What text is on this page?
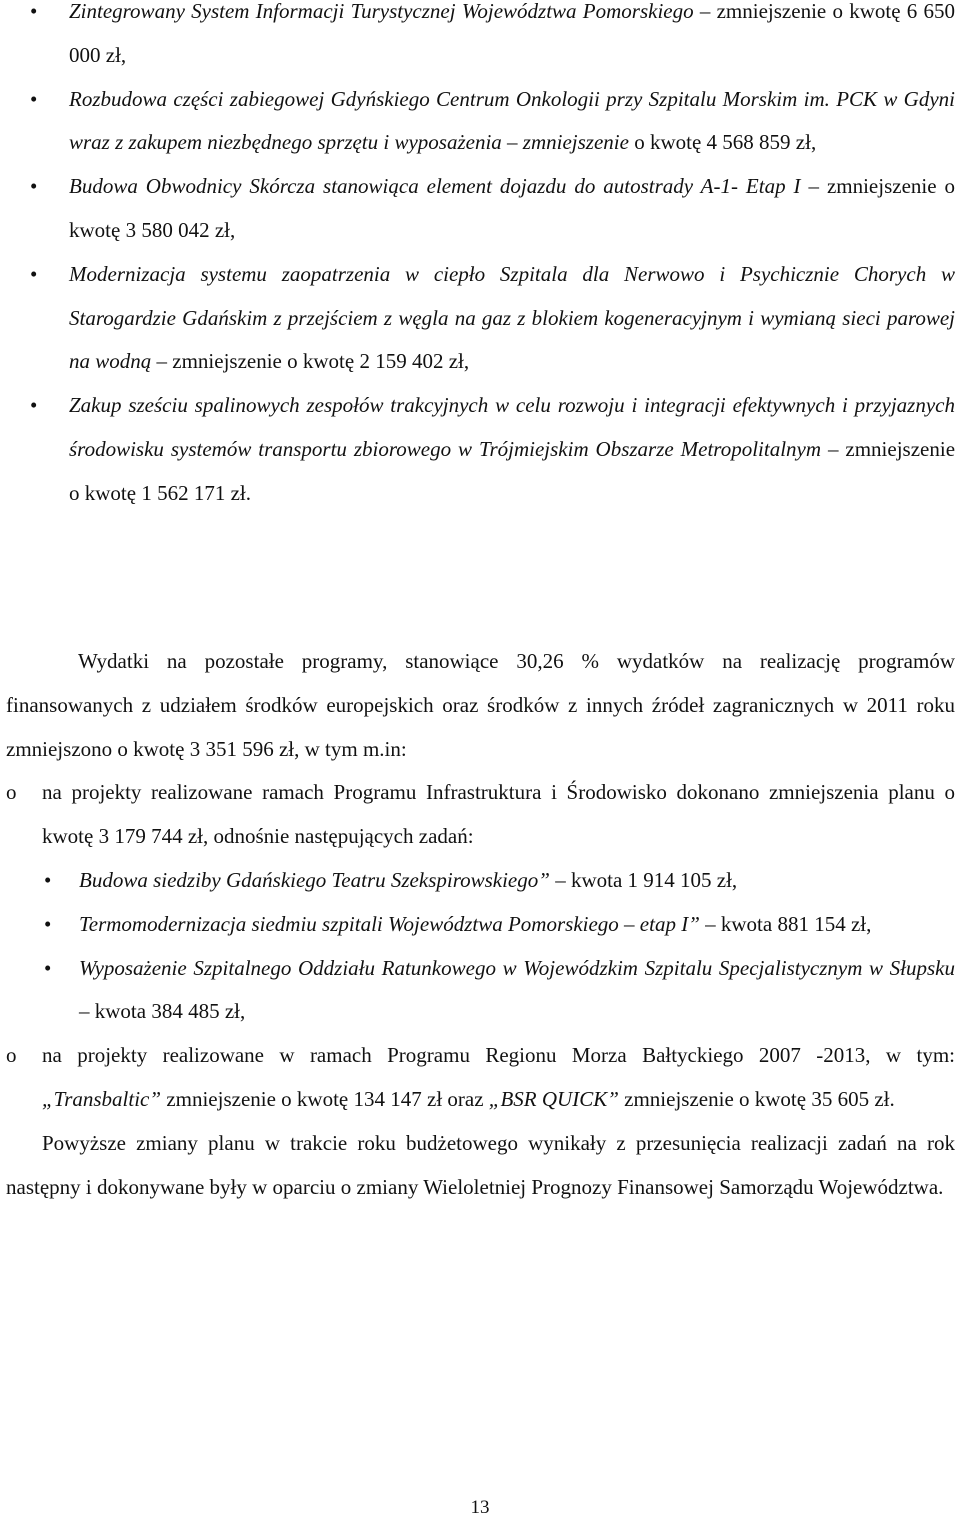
• Zintegrowany System Informacji Turystycznej Województwa Pomorskiego – zmniejszenie o kwotę 6 650 000 zł,
• Rozbudowa części zabiegowej Gdyńskiego Centrum Onkologii przy Szpitalu Morskim im. PCK w Gdyni wraz z zakupem niezbędnego sprzętu i wyposażenia – zmniejszenie o kwotę 4 568 859 zł,
• Budowa Obwodnicy Skórcza stanowiąca element dojazdu do autostrady A-1- Etap I – zmniejszenie o kwotę 3 580 042 zł,
• Modernizacja systemu zaopatrzenia w ciepło Szpitala dla Nerwowo i Psychicznie Chorych w Starogardzie Gdańskim z przejściem z węgla na gaz z blokiem kogeneracyjnym i wymianą sieci parowej na wodną – zmniejszenie o kwotę 2 159 402 zł,
• Zakup sześciu spalinowych zespołów trakcyjnych w celu rozwoju i integracji efektywnych i przyjaznych środowisku systemów transportu zbiorowego w Trójmiejskim Obszarze Metropolitalnym – zmniejszenie o kwotę 1 562 171 zł.
Wydatki na pozostałe programy, stanowiące 30,26 % wydatków na realizację programów finansowanych z udziałem środków europejskich oraz środków z innych źródeł zagranicznych w 2011 roku zmniejszono o kwotę 3 351 596 zł, w tym m.in:
o na projekty realizowane ramach Programu Infrastruktura i Środowisko dokonano zmniejszenia planu o kwotę 3 179 744 zł, odnośnie następujących zadań:
• Budowa siedziby Gdańskiego Teatru Szekspirowskiego” – kwota 1 914 105 zł,
• Termomodernizacja siedmiu szpitali Województwa Pomorskiego – etap I” – kwota 881 154 zł,
• Wyposażenie Szpitalnego Oddziału Ratunkowego w Wojewódzkim Szpitalu Specjalistycznym w Słupsku – kwota 384 485 zł,
o na projekty realizowane w ramach Programu Regionu Morza Bałtyckiego 2007 -2013, w tym: „Transbaltic” zmniejszenie o kwotę 134 147 zł oraz „BSR QUICK” zmniejszenie o kwotę 35 605 zł.
Powyższe zmiany planu w trakcie roku budżetowego wynikały z przesunięcia realizacji zadań na rok następny i dokonywane były w oparciu o zmiany Wieloletniej Prognozy Finansowej Samorządu Województwa.
13
